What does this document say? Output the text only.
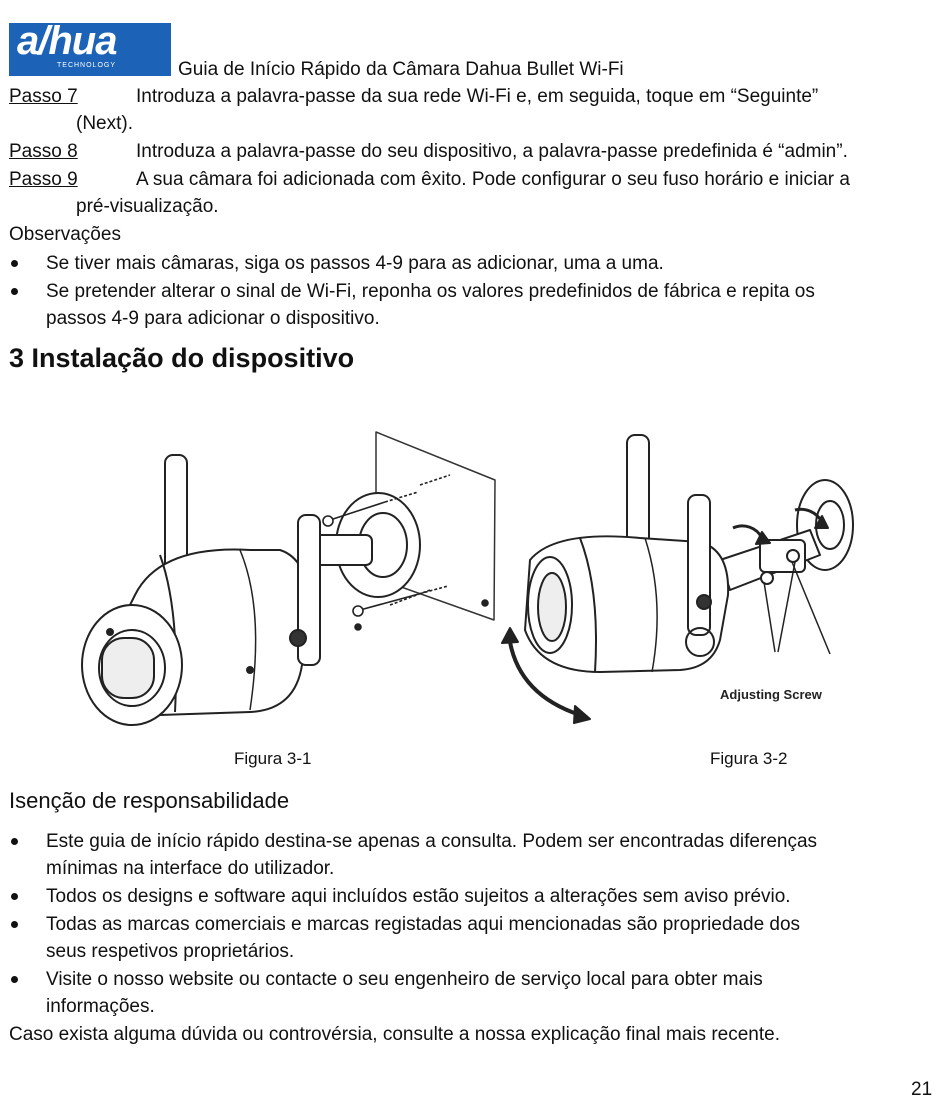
a/hua
TECHNOLOGY	Guia de Início Rápido da Câmara Dahua Bullet Wi-Fi
Passo 7	Introduza a palavra-passe da sua rede Wi-Fi e, em seguida, toque em “Seguinte”
(Next).
Passo 8	Introduza a palavra-passe do seu dispositivo, a palavra-passe predefinida é “admin”.
Passo 9	A sua câmara foi adicionada com êxito. Pode configurar o seu fuso horário e iniciar a
pré-visualização.
Observações
Se tiver mais câmaras, siga os passos 4-9 para as adicionar, uma a uma.
Se pretender alterar o sinal de Wi-Fi, reponha os valores predefinidos de fábrica e repita os
passos 4-9 para adicionar o dispositivo.
3 Instalação do dispositivo
Adjusting Screw
Figura 3-1	Figura 3-2
Isenção de responsabilidade
Este guia de início rápido destina-se apenas a consulta. Podem ser encontradas diferenças
mínimas na interface do utilizador.
Todos os designs e software aqui incluídos estão sujeitos a alterações sem aviso prévio.
Todas as marcas comerciais e marcas registadas aqui mencionadas são propriedade dos
seus respetivos proprietários.
Visite o nosso website ou contacte o seu engenheiro de serviço local para obter mais
informações.
Caso exista alguma dúvida ou controvérsia, consulte a nossa explicação final mais recente.
21
